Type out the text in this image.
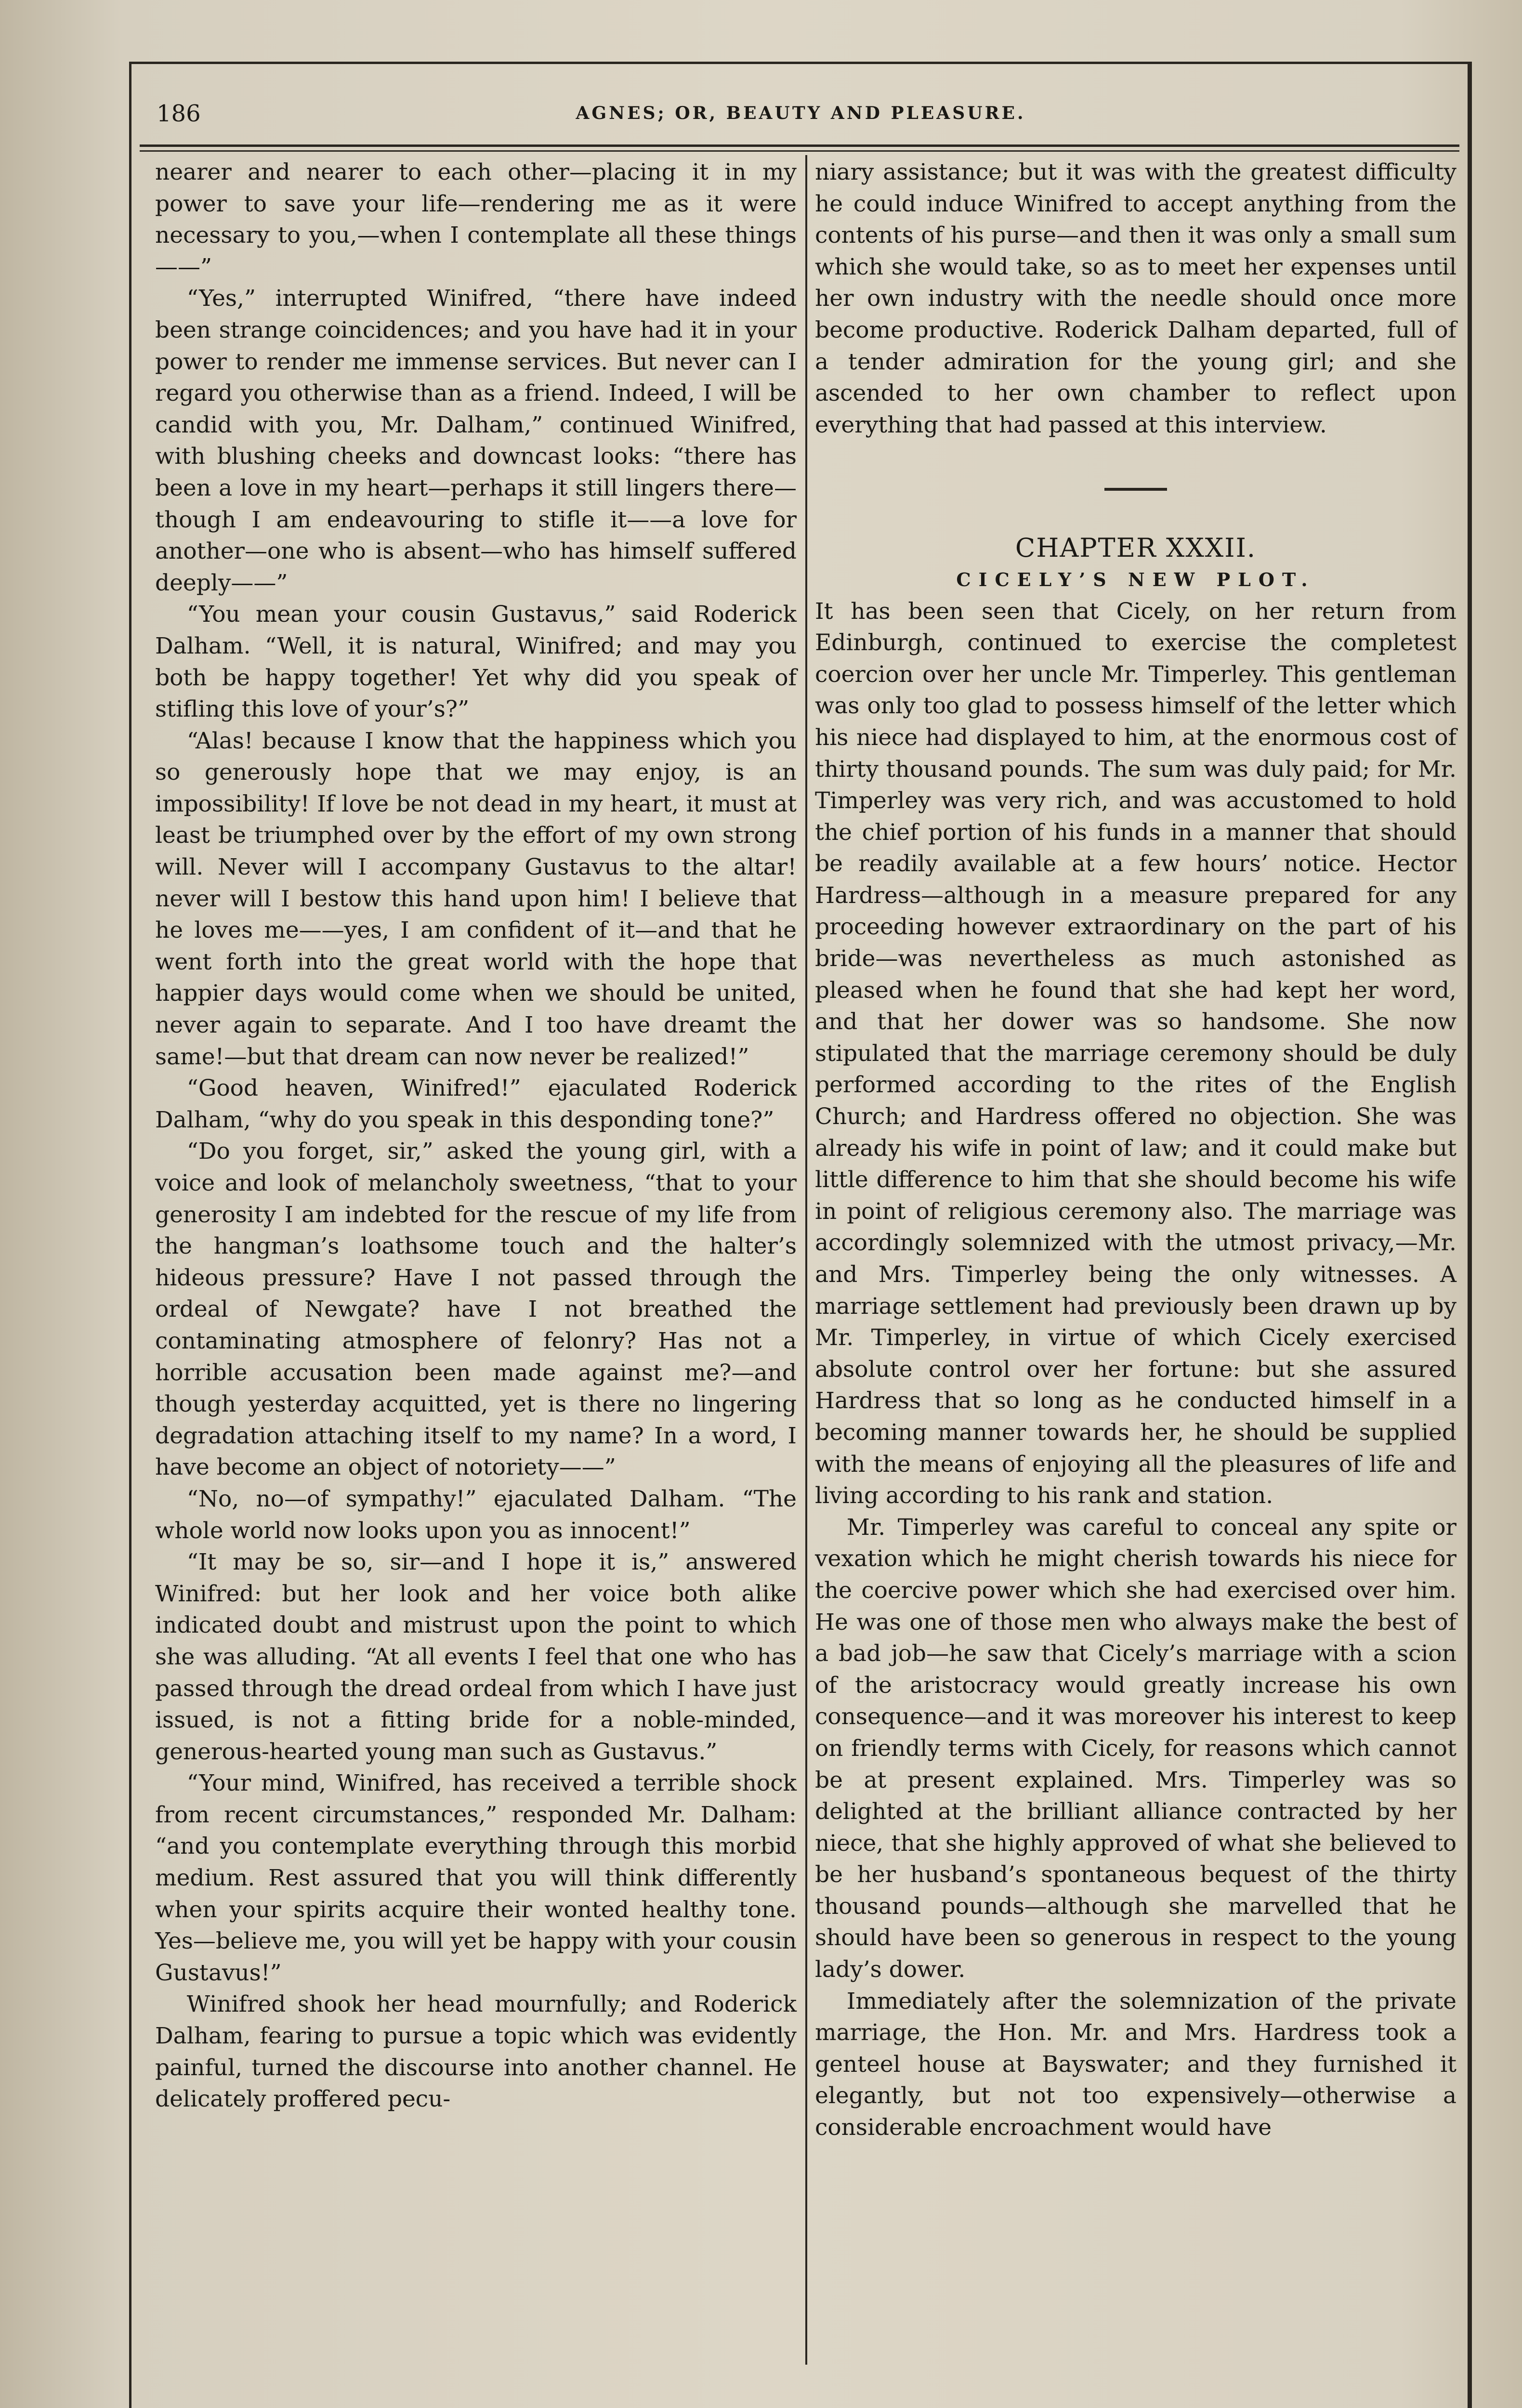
186	AGNES; OR, BEAUTY AND PLEASURE.

nearer and nearer to each other—placing it in my power to save your life—rendering me as it were necessary to you,—when I contemplate all these things——”

“Yes,” interrupted Winifred, “there have indeed been strange coincidences; and you have had it in your power to render me immense services. But never can I regard you otherwise than as a friend. Indeed, I will be candid with you, Mr. Dalham,” continued Winifred, with blushing cheeks and downcast looks: “there has been a love in my heart—perhaps it still lingers there—though I am endeavouring to stifle it——a love for another—one who is absent—who has himself suffered deeply——”

“You mean your cousin Gustavus,” said Roderick Dalham. “Well, it is natural, Winifred; and may you both be happy together! Yet why did you speak of stifling this love of your’s?”

“Alas! because I know that the happiness which you so generously hope that we may enjoy, is an impossibility! If love be not dead in my heart, it must at least be triumphed over by the effort of my own strong will. Never will I accompany Gustavus to the altar! never will I bestow this hand upon him! I believe that he loves me——yes, I am confident of it—and that he went forth into the great world with the hope that happier days would come when we should be united, never again to separate. And I too have dreamt the same!—but that dream can now never be realized!”

“Good heaven, Winifred!” ejaculated Roderick Dalham, “why do you speak in this desponding tone?”

“Do you forget, sir,” asked the young girl, with a voice and look of melancholy sweetness, “that to your generosity I am indebted for the rescue of my life from the hangman’s loathsome touch and the halter’s hideous pressure? Have I not passed through the ordeal of Newgate? have I not breathed the contaminating atmosphere of felonry? Has not a horrible accusation been made against me?—and though yesterday acquitted, yet is there no lingering degradation attaching itself to my name? In a word, I have become an object of notoriety——”

“No, no—of sympathy!” ejaculated Dalham. “The whole world now looks upon you as innocent!”

“It may be so, sir—and I hope it is,” answered Winifred: but her look and her voice both alike indicated doubt and mistrust upon the point to which she was alluding. “At all events I feel that one who has passed through the dread ordeal from which I have just issued, is not a fitting bride for a noble-minded, generous-hearted young man such as Gustavus.”

“Your mind, Winifred, has received a terrible shock from recent circumstances,” responded Mr. Dalham: “and you contemplate everything through this morbid medium. Rest assured that you will think differently when your spirits acquire their wonted healthy tone. Yes—believe me, you will yet be happy with your cousin Gustavus!”

Winifred shook her head mournfully; and Roderick Dalham, fearing to pursue a topic which was evidently painful, turned the discourse into another channel. He delicately proffered pecu-

niary assistance; but it was with the greatest difficulty he could induce Winifred to accept anything from the contents of his purse—and then it was only a small sum which she would take, so as to meet her expenses until her own industry with the needle should once more become productive. Roderick Dalham departed, full of a tender admiration for the young girl; and she ascended to her own chamber to reflect upon everything that had passed at this interview.

CHAPTER XXXII.

CICELY’S NEW PLOT.

It has been seen that Cicely, on her return from Edinburgh, continued to exercise the completest coercion over her uncle Mr. Timperley. This gentleman was only too glad to possess himself of the letter which his niece had displayed to him, at the enormous cost of thirty thousand pounds. The sum was duly paid; for Mr. Timperley was very rich, and was accustomed to hold the chief portion of his funds in a manner that should be readily available at a few hours’ notice. Hector Hardress—although in a measure prepared for any proceeding however extraordinary on the part of his bride—was nevertheless as much astonished as pleased when he found that she had kept her word, and that her dower was so handsome. She now stipulated that the marriage ceremony should be duly performed according to the rites of the English Church; and Hardress offered no objection. She was already his wife in point of law; and it could make but little difference to him that she should become his wife in point of religious ceremony also. The marriage was accordingly solemnized with the utmost privacy,—Mr. and Mrs. Timperley being the only witnesses. A marriage settlement had previously been drawn up by Mr. Timperley, in virtue of which Cicely exercised absolute control over her fortune: but she assured Hardress that so long as he conducted himself in a becoming manner towards her, he should be supplied with the means of enjoying all the pleasures of life and living according to his rank and station.

Mr. Timperley was careful to conceal any spite or vexation which he might cherish towards his niece for the coercive power which she had exercised over him. He was one of those men who always make the best of a bad job—he saw that Cicely’s marriage with a scion of the aristocracy would greatly increase his own consequence—and it was moreover his interest to keep on friendly terms with Cicely, for reasons which cannot be at present explained. Mrs. Timperley was so delighted at the brilliant alliance contracted by her niece, that she highly approved of what she believed to be her husband’s spontaneous bequest of the thirty thousand pounds—although she marvelled that he should have been so generous in respect to the young lady’s dower.

Immediately after the solemnization of the private marriage, the Hon. Mr. and Mrs. Hardress took a genteel house at Bayswater; and they furnished it elegantly, but not too expensively—otherwise a considerable encroachment would have
